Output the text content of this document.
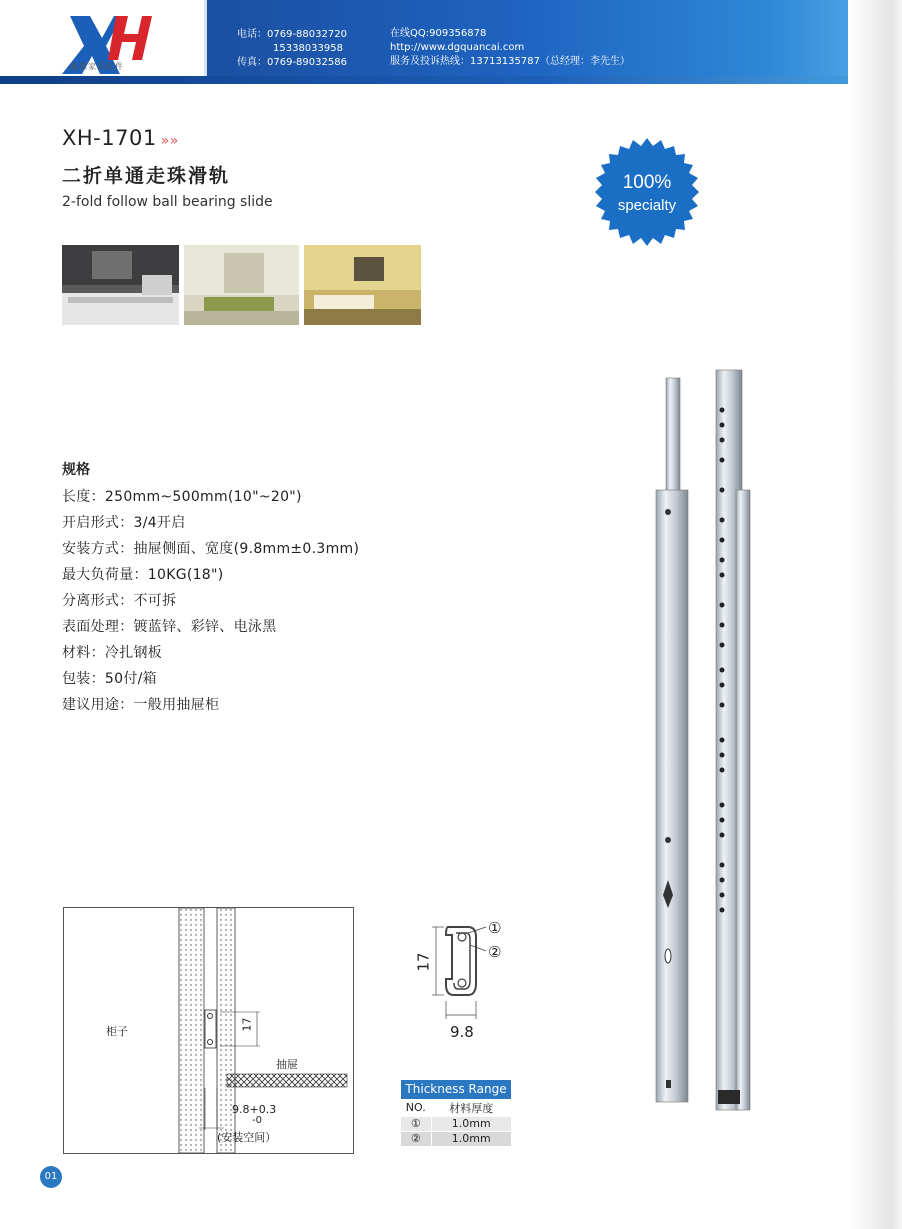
鑫惠家具配件
电话：0769-88032720
15338033958
传真：0769-89032586
在线QQ:909356878
http://www.dgquancai.com
服务及投诉热线：13713135787（总经理：李先生）
XH-1701 »»
二折单通走珠滑轨
2-fold follow ball bearing slide
100%
specialty
规格
长度：250mm~500mm(10"~20")
开启形式：3/4开启
安装方式：抽屉侧面、宽度(9.8mm±0.3mm)
最大负荷量：10KG(18")
分离形式：不可拆
表面处理：镀蓝锌、彩锌、电泳黑
材料：冷扎钢板
包装：50付/箱
建议用途：一般用抽屉柜
柜子
抽屉
17
9.8+0.3
-0
(安装空间）
①
②
17
9.8
Thickness Range	
NO.	材料厚度
①	1.0mm
②	1.0mm
01
